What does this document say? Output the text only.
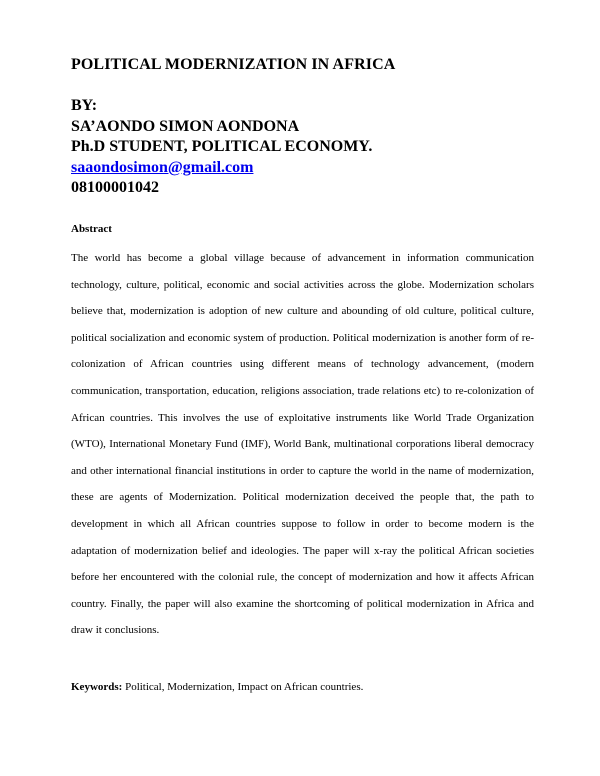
POLITICAL MODERNIZATION IN AFRICA
BY:
SA’AONDO SIMON AONDONA
Ph.D STUDENT, POLITICAL ECONOMY.
saaondosimon@gmail.com
08100001042
Abstract
The world has become a global village because of advancement in information communication technology, culture, political, economic and social activities across the globe. Modernization scholars believe that, modernization is adoption of new culture and abounding of old culture, political culture, political socialization and economic system of production. Political modernization is another form of re-colonization of African countries using different means of technology advancement, (modern communication, transportation, education, religions association, trade relations etc) to re-colonization of African countries. This involves the use of exploitative instruments like World Trade Organization (WTO), International Monetary Fund (IMF), World Bank, multinational corporations liberal democracy and other international financial institutions in order to capture the world in the name of modernization, these are agents of Modernization. Political modernization deceived the people that, the path to development in which all African countries suppose to follow in order to become modern is the adaptation of modernization belief and ideologies. The paper will x-ray the political African societies before her encountered with the colonial rule, the concept of modernization and how it affects African country. Finally, the paper will also examine the shortcoming of political modernization in Africa and draw it conclusions.
Keywords: Political, Modernization, Impact on African countries.
